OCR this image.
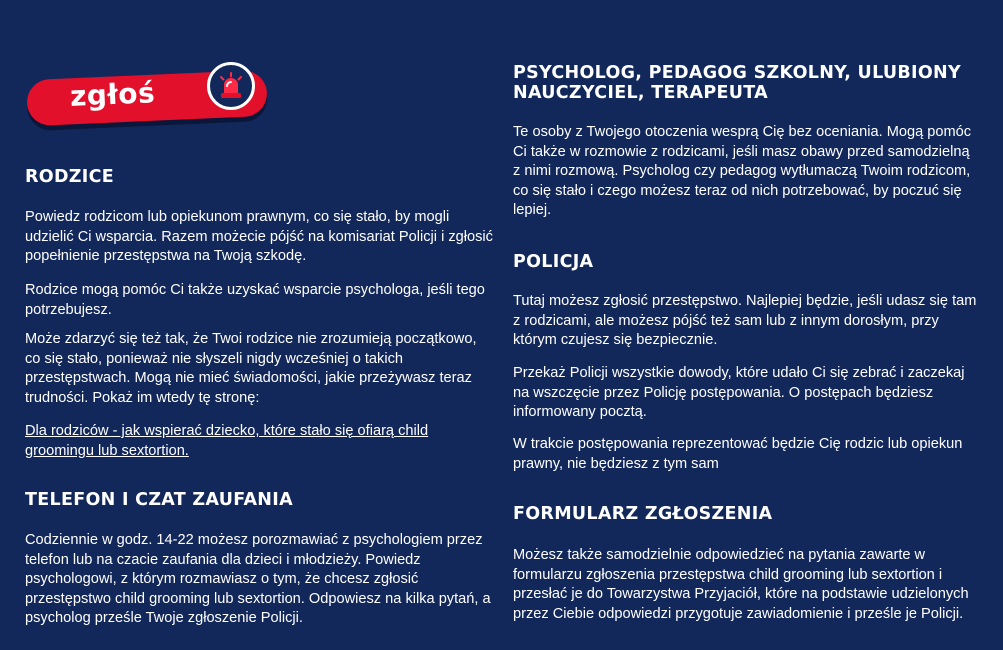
zgłoś
RODZICE

Powiedz rodzicom lub opiekunom prawnym, co się stało, by mogli udzielić Ci wsparcia. Razem możecie pójść na komisariat Policji i zgłosić popełnienie przestępstwa na Twoją szkodę.

Rodzice mogą pomóc Ci także uzyskać wsparcie psychologa, jeśli tego potrzebujesz.

Może zdarzyć się też tak, że Twoi rodzice nie zrozumieją początkowo, co się stało, ponieważ nie słyszeli nigdy wcześniej o takich przestępstwach. Mogą nie mieć świadomości, jakie przeżywasz teraz trudności. Pokaż im wtedy tę stronę:

Dla rodziców - jak wspierać dziecko, które stało się ofiarą child groomingu lub sextortion.

TELEFON I CZAT ZAUFANIA

Codziennie w godz. 14-22 możesz porozmawiać z psychologiem przez telefon lub na czacie zaufania dla dzieci i młodzieży. Powiedz psychologowi, z którym rozmawiasz o tym, że chcesz zgłosić przestępstwo child grooming lub sextortion. Odpowiesz na kilka pytań, a psycholog prześle Twoje zgłoszenie Policji.

PSYCHOLOG, PEDAGOG SZKOLNY, ULUBIONY NAUCZYCIEL, TERAPEUTA

Te osoby z Twojego otoczenia wesprą Cię bez oceniania. Mogą pomóc Ci także w rozmowie z rodzicami, jeśli masz obawy przed samodzielną z nimi rozmową. Psycholog czy pedagog wytłumaczą Twoim rodzicom, co się stało i czego możesz teraz od nich potrzebować, by poczuć się lepiej.

POLICJA

Tutaj możesz zgłosić przestępstwo. Najlepiej będzie, jeśli udasz się tam z rodzicami, ale możesz pójść też sam lub z innym dorosłym, przy którym czujesz się bezpiecznie.

Przekaż Policji wszystkie dowody, które udało Ci się zebrać i zaczekaj na wszczęcie przez Policję postępowania. O postępach będziesz informowany pocztą.

W trakcie postępowania reprezentować będzie Cię rodzic lub opiekun prawny, nie będziesz z tym sam

FORMULARZ ZGŁOSZENIA

Możesz także samodzielnie odpowiedzieć na pytania zawarte w formularzu zgłoszenia przestępstwa child grooming lub sextortion i przesłać je do Towarzystwa Przyjaciół, które na podstawie udzielonych przez Ciebie odpowiedzi przygotuje zawiadomienie i prześle je Policji.
